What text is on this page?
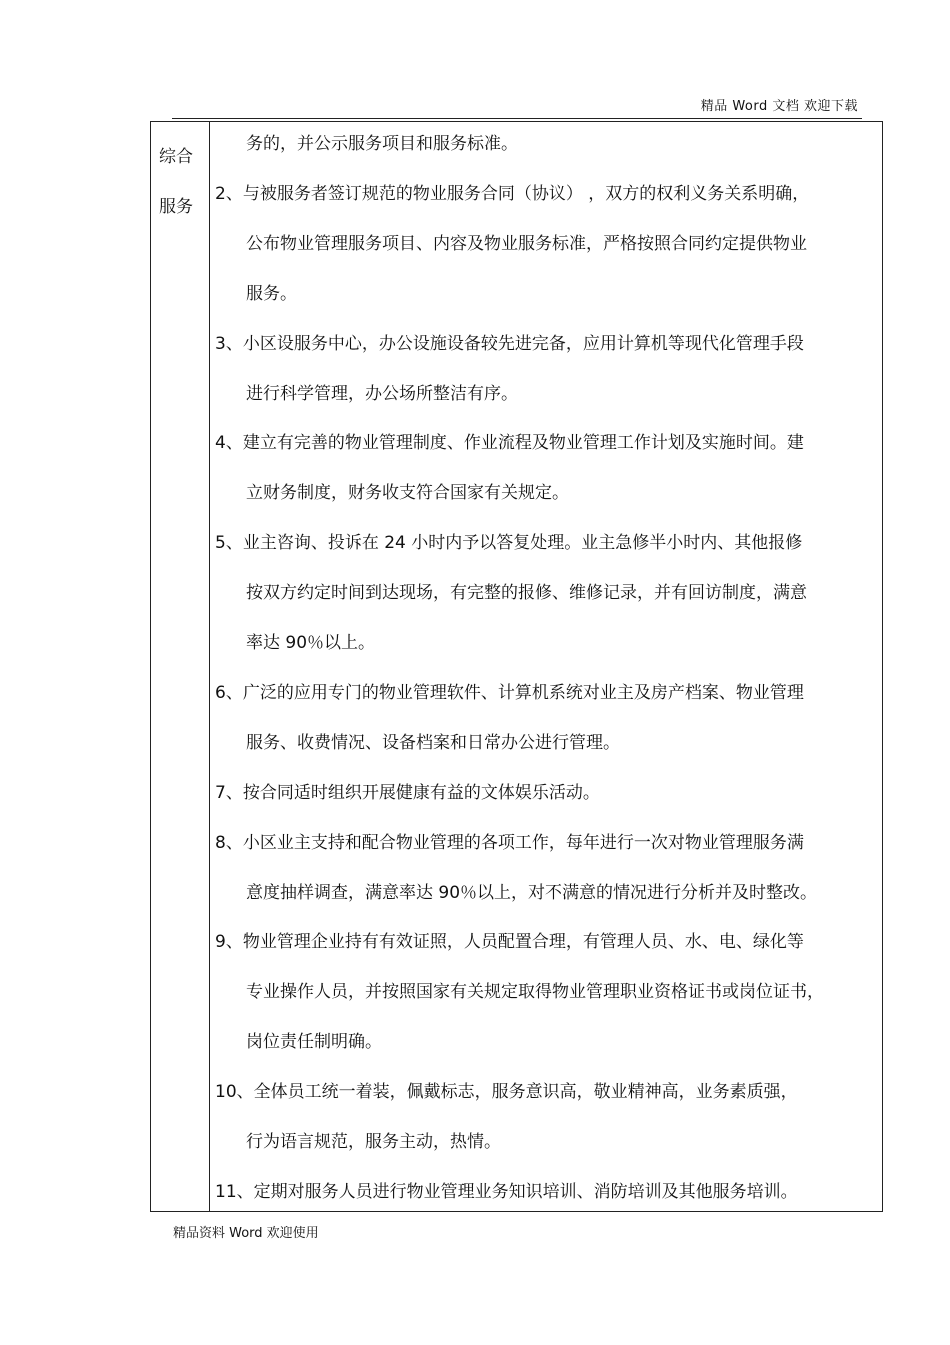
精品 Word 文档 欢迎下载
综合
服务
务的，并公示服务项目和服务标准。
2、与被服务者签订规范的物业服务合同（协议） ，双方的权利义务关系明确，
公布物业管理服务项目、内容及物业服务标准，严格按照合同约定提供物业
服务。
3、小区设服务中心，办公设施设备较先进完备，应用计算机等现代化管理手段
进行科学管理，办公场所整洁有序。
4、建立有完善的物业管理制度、作业流程及物业管理工作计划及实施时间。建
立财务制度，财务收支符合国家有关规定。
5、业主咨询、投诉在 24 小时内予以答复处理。业主急修半小时内、其他报修
按双方约定时间到达现场，有完整的报修、维修记录，并有回访制度，满意
率达 90％以上。
6、广泛的应用专门的物业管理软件、计算机系统对业主及房产档案、物业管理
服务、收费情况、设备档案和日常办公进行管理。
7、按合同适时组织开展健康有益的文体娱乐活动。
8、小区业主支持和配合物业管理的各项工作，每年进行一次对物业管理服务满
意度抽样调查，满意率达 90％以上，对不满意的情况进行分析并及时整改。
9、物业管理企业持有有效证照，人员配置合理，有管理人员、水、电、绿化等
专业操作人员，并按照国家有关规定取得物业管理职业资格证书或岗位证书，
岗位责任制明确。
10、全体员工统一着装，佩戴标志，服务意识高，敬业精神高，业务素质强，
行为语言规范，服务主动，热情。
11、定期对服务人员进行物业管理业务知识培训、消防培训及其他服务培训。
精品资料 Word 欢迎使用
